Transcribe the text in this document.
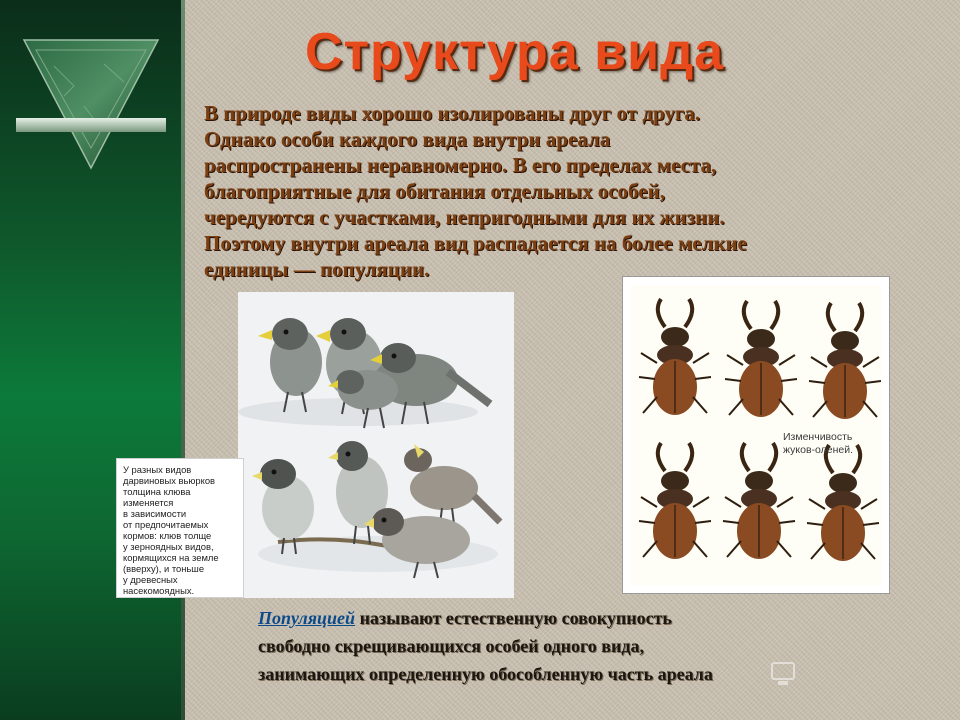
Структура вида
В природе виды хорошо изолированы друг от друга.
Однако особи каждого вида внутри ареала
распространены неравномерно. В его пределах места,
благоприятные для обитания отдельных особей,
чередуются с участками, непригодными для их жизни.
Поэтому внутри ареала вид распадается на более мелкие
единицы — популяции.
У разных видов
дарвиновых вьюрков
толщина клюва
изменяется
в зависимости
от предпочитаемых
кормов: клюв толще
у зерноядных видов,
кормящихся на земле
(вверху), и тоньше
у древесных
насекомоядных.
Изменчивость
жуков-оленей.
Популяцией называют естественную совокупность
свободно скрещивающихся особей одного вида,
занимающих определенную обособленную часть ареала
